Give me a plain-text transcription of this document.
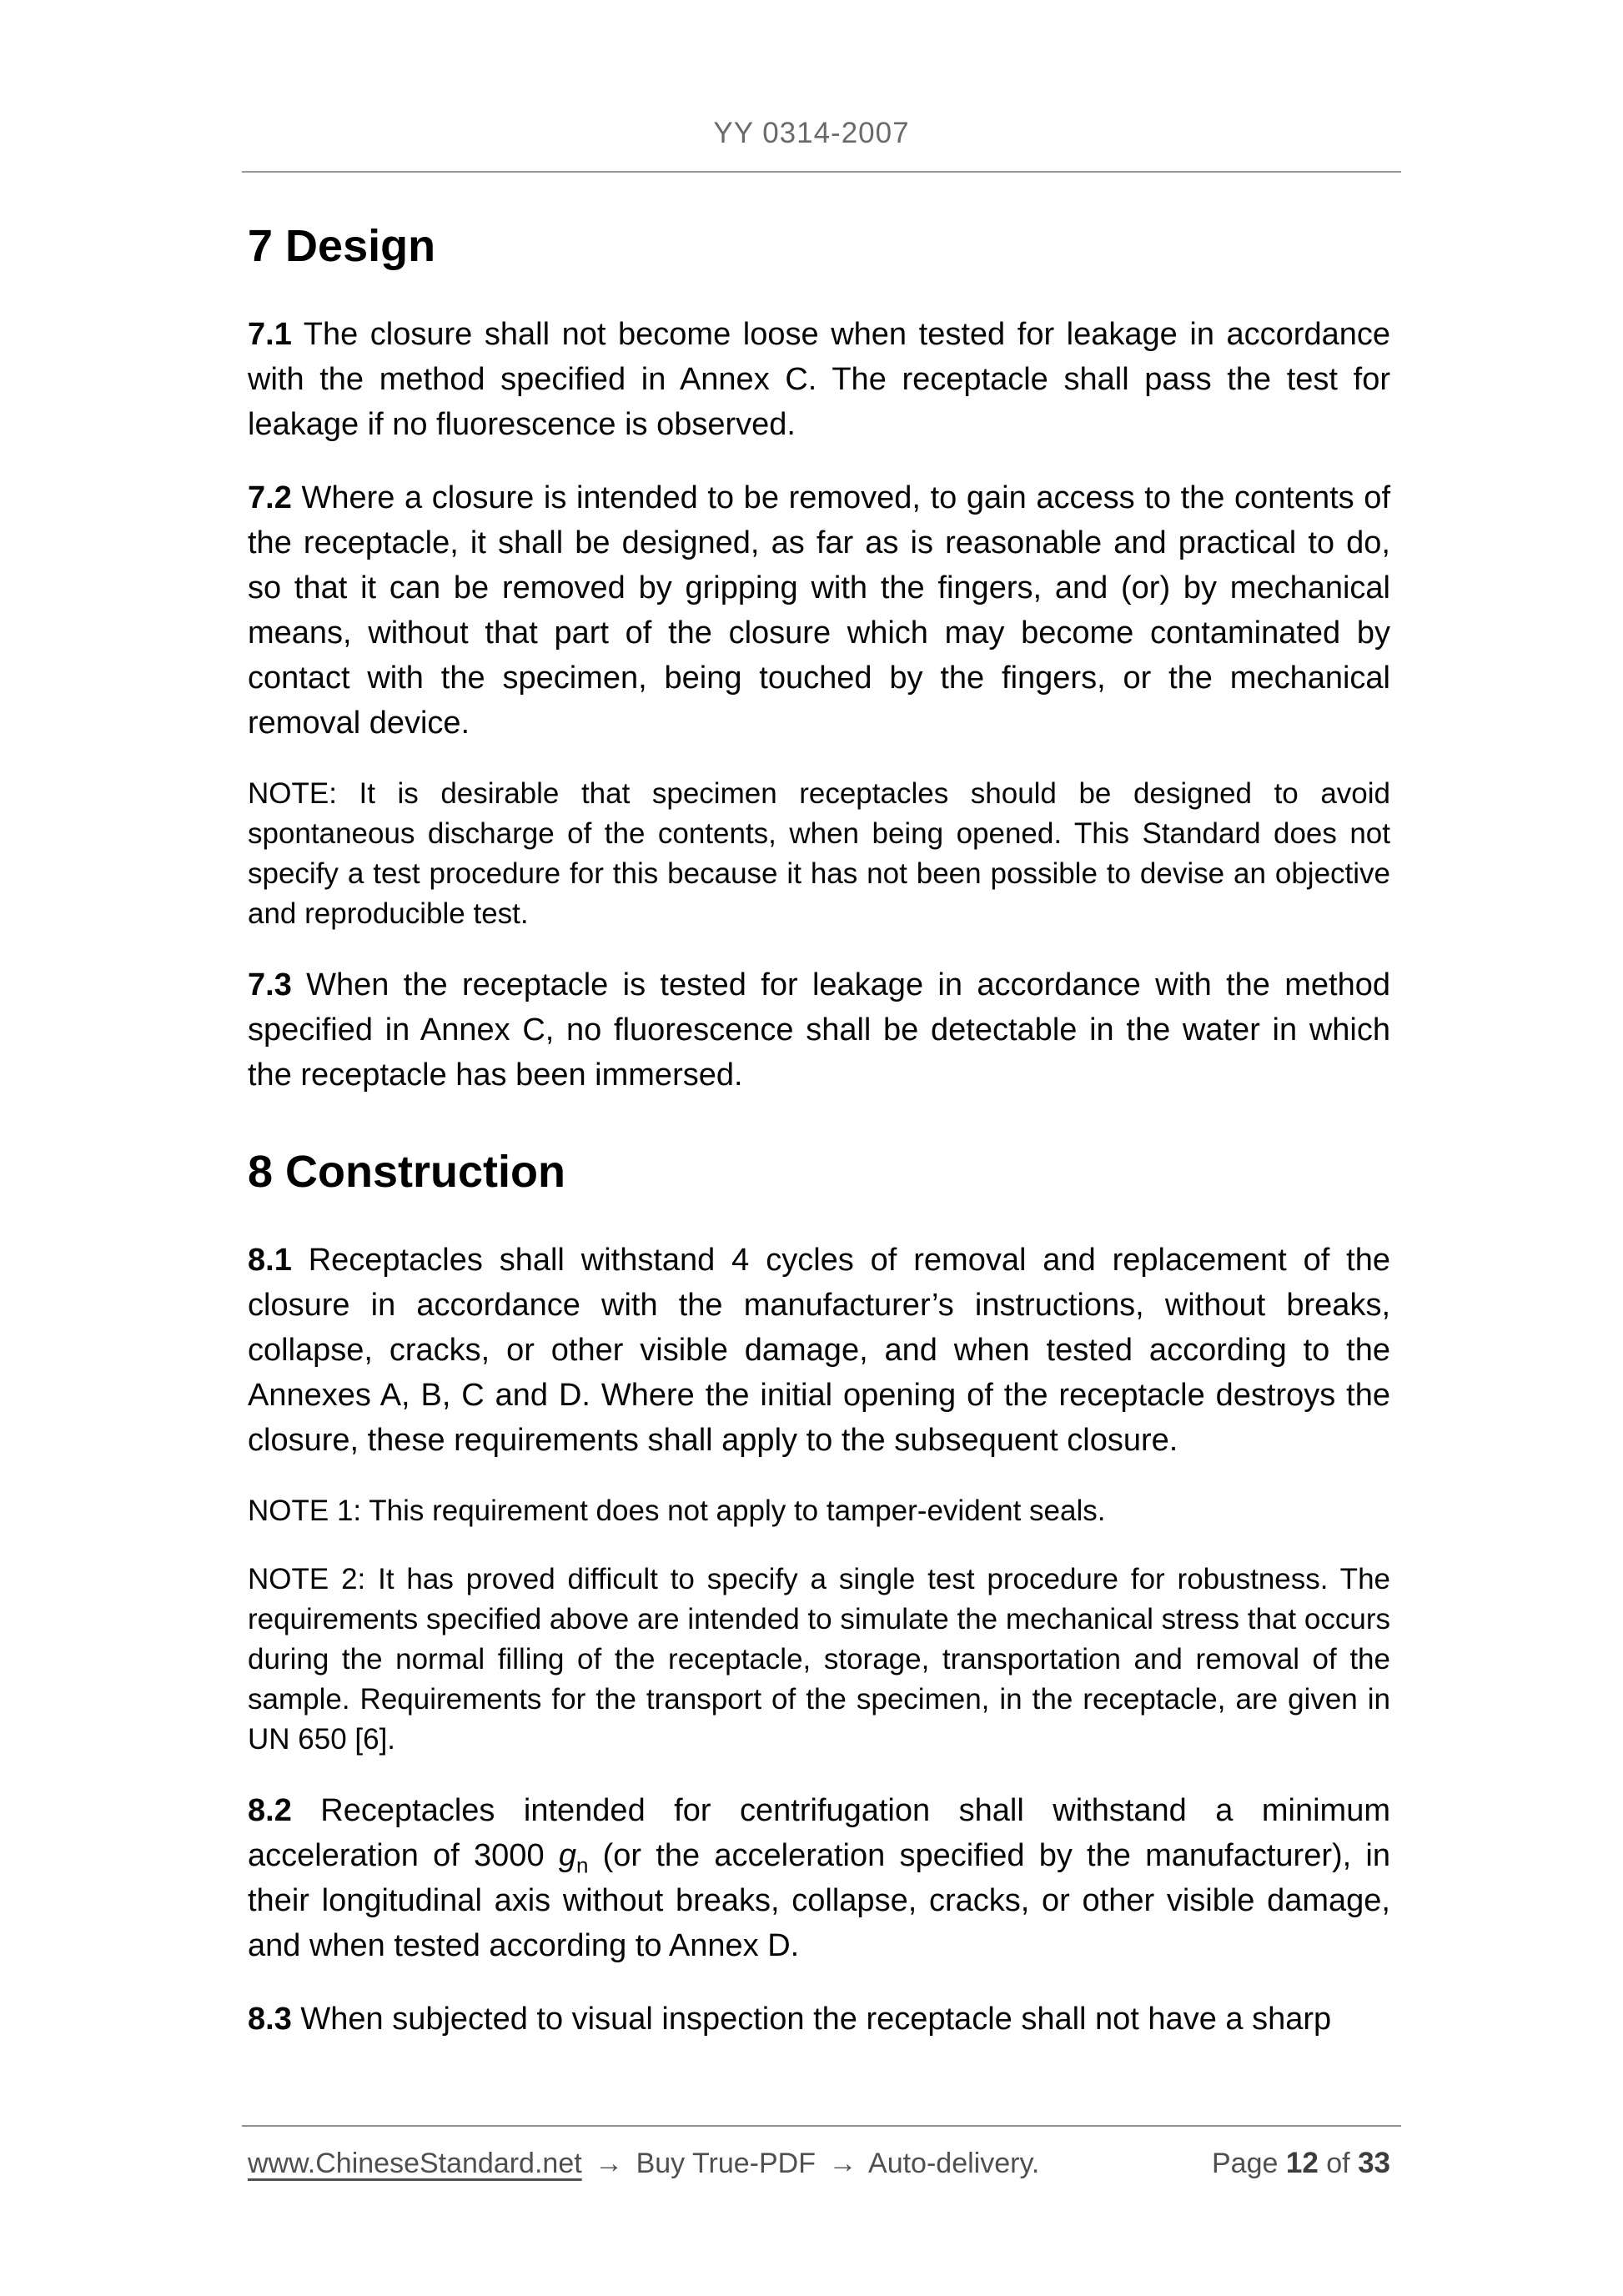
YY 0314-2007
7 Design

7.1 The closure shall not become loose when tested for leakage in accordance with the method specified in Annex C. The receptacle shall pass the test for leakage if no fluorescence is observed.

7.2 Where a closure is intended to be removed, to gain access to the contents of the receptacle, it shall be designed, as far as is reasonable and practical to do, so that it can be removed by gripping with the fingers, and (or) by mechanical means, without that part of the closure which may become contaminated by contact with the specimen, being touched by the fingers, or the mechanical removal device.

NOTE: It is desirable that specimen receptacles should be designed to avoid spontaneous discharge of the contents, when being opened. This Standard does not specify a test procedure for this because it has not been possible to devise an objective and reproducible test.

7.3 When the receptacle is tested for leakage in accordance with the method specified in Annex C, no fluorescence shall be detectable in the water in which the receptacle has been immersed.

8 Construction

8.1 Receptacles shall withstand 4 cycles of removal and replacement of the closure in accordance with the manufacturer’s instructions, without breaks, collapse, cracks, or other visible damage, and when tested according to the Annexes A, B, C and D. Where the initial opening of the receptacle destroys the closure, these requirements shall apply to the subsequent closure.

NOTE 1: This requirement does not apply to tamper-evident seals.

NOTE 2: It has proved difficult to specify a single test procedure for robustness. The requirements specified above are intended to simulate the mechanical stress that occurs during the normal filling of the receptacle, storage, transportation and removal of the sample. Requirements for the transport of the specimen, in the receptacle, are given in UN 650 [6].

8.2 Receptacles intended for centrifugation shall withstand a minimum acceleration of 3000 $g_n$ (or the acceleration specified by the manufacturer), in their longitudinal axis without breaks, collapse, cracks, or other visible damage, and when tested according to Annex D.

8.3 When subjected to visual inspection the receptacle shall not have a sharp

www.ChineseStandard.net → Buy True-PDF → Auto-delivery.	Page 12 of 33
